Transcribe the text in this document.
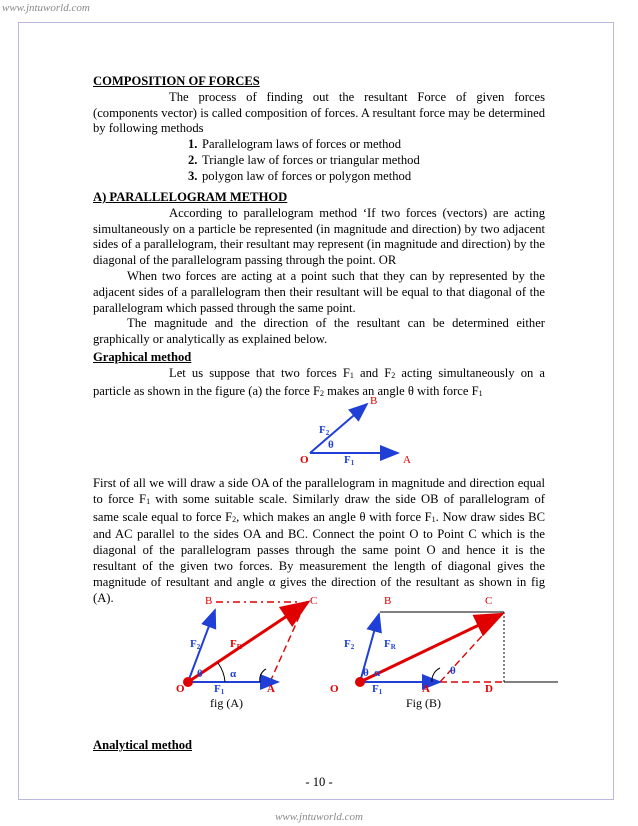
www.jntuworld.com
COMPOSITION OF FORCES
The process of finding out the resultant Force of given forces (components vector) is called composition of forces. A resultant force may be determined by following methods
1. Parallelogram laws of forces or method
2. Triangle law of forces or triangular method
3. polygon law of forces or polygon method
A) PARALLELOGRAM METHOD
According to parallelogram method ‘If two forces (vectors) are acting simultaneously on a particle be represented (in magnitude and direction) by two adjacent sides of a parallelogram, their resultant may represent (in magnitude and direction) by the diagonal of the parallelogram passing through the point. OR
When two forces are acting at a point such that they can by represented by the adjacent sides of a parallelogram then their resultant will be equal to that diagonal of the parallelogram which passed through the same point.
The magnitude and the direction of the resultant can be determined either graphically or analytically as explained below.
Graphical method
Let us suppose that two forces $F_1$ and $F_2$ acting simultaneously on a particle as shown in the figure (a) the force $F_2$ makes an angle θ with force $F_1$
B
F2
θ
O	F1	A
First of all we will draw a side OA of the parallelogram in magnitude and direction equal to force $F_1$ with some suitable scale. Similarly draw the side OB of parallelogram of same scale equal to force $F_2$, which makes an angle θ with force $F_1$. Now draw sides BC and AC parallel to the sides OA and BC. Connect the point O to Point C which is the diagonal of the parallelogram passes through the same point O and hence it is the resultant of the given two forces. By measurement the length of diagonal gives the magnitude of resultant and angle α gives the direction of the resultant as shown in fig (A).	B	C
F2	FR
θ α
O	F1	A
fig (A)
B	C
F2	FR
θ α	θ
O	F1	A	D
Fig (B)
Analytical method
- 10 -
www.jntuworld.com
